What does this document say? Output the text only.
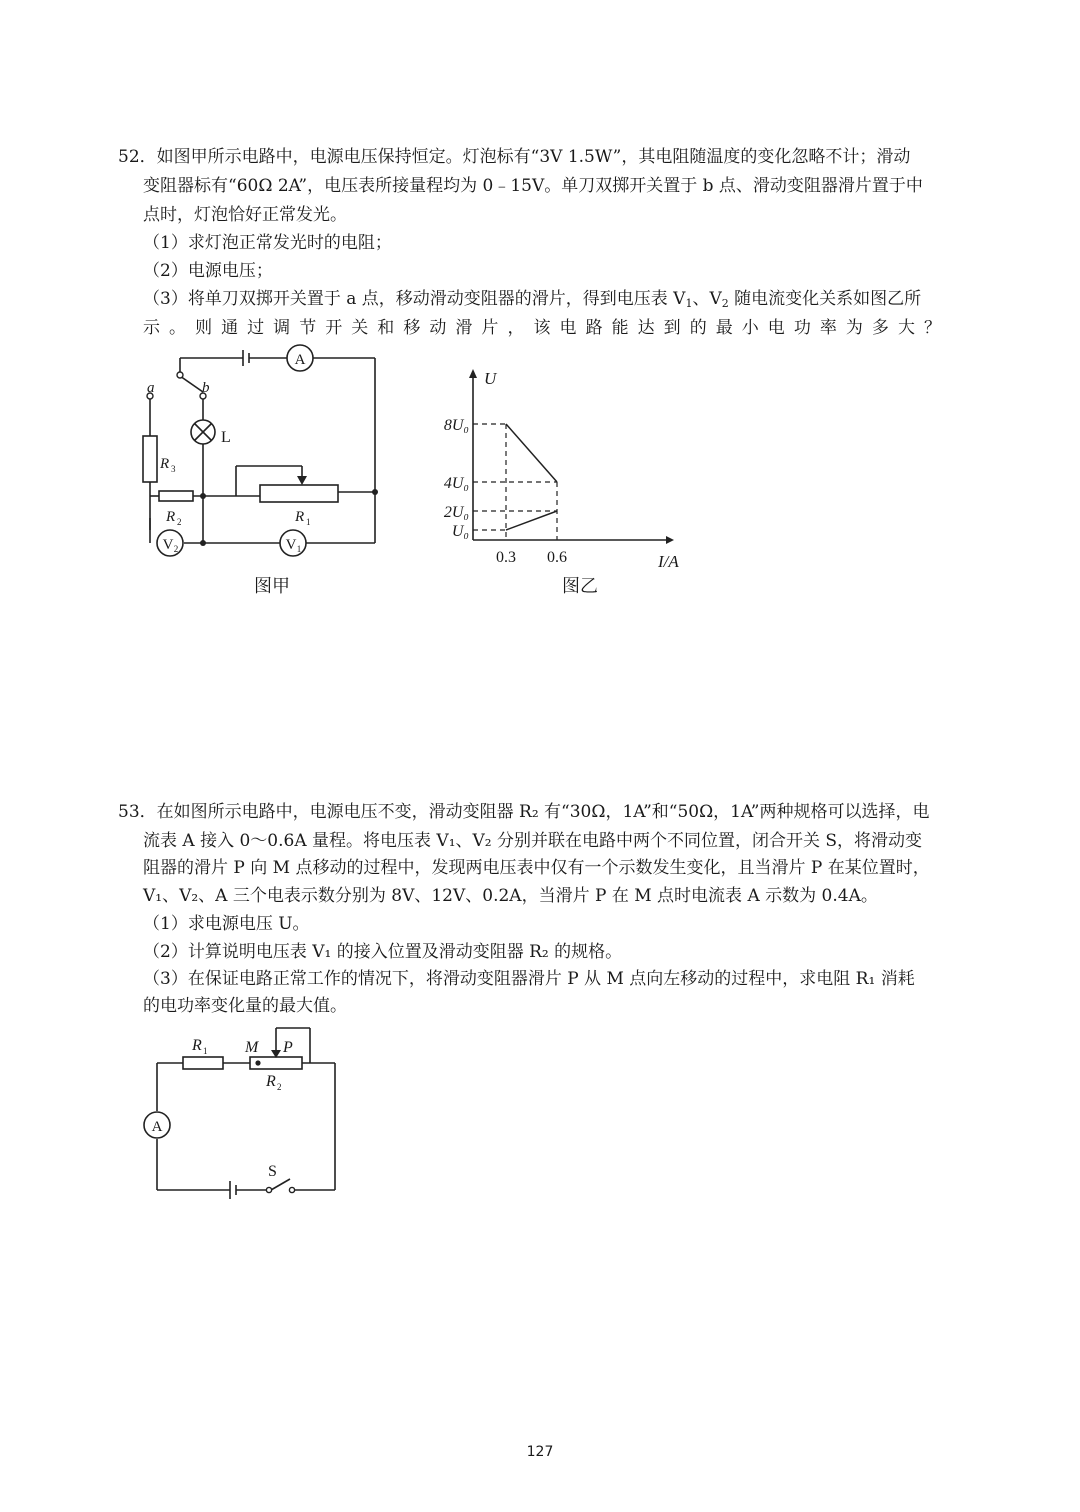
52．如图甲所示电路中，电源电压保持恒定。灯泡标有“3V 1.5W”，其电阻随温度的变化忽略不计；滑动
变阻器标有“60Ω 2A”，电压表所接量程均为 0﹣15V。单刀双掷开关置于 b 点、滑动变阻器滑片置于中
点时，灯泡恰好正常发光。
（1）求灯泡正常发光时的电阻；
（2）电源电压；
（3）将单刀双掷开关置于 a 点，移动滑动变阻器的滑片，得到电压表 $V_1$、$V_2$ 随电流变化关系如图乙所
示。则通过调节开关和移动滑片，该电路能达到的最小电功率为多大？
A
V 2	V 1
a	b
L
R 3
R 2	R 1
图甲
U
I/A
U₀
2U₀
4U₀
8U₀
0.3 0.6
图乙
53．在如图所示电路中，电源电压不变，滑动变阻器 R₂ 有“30Ω，1A”和“50Ω，1A”两种规格可以选择，电
流表 A 接入 0～0.6A 量程。将电压表 V₁、V₂ 分别并联在电路中两个不同位置，闭合开关 S，将滑动变
阻器的滑片 P 向 M 点移动的过程中，发现两电压表中仅有一个示数发生变化，且当滑片 P 在某位置时，
V₁、V₂、A 三个电表示数分别为 8V、12V、0.2A，当滑片 P 在 M 点时电流表 A 示数为 0.4A。
（1）求电源电压 U。
（2）计算说明电压表 V₁ 的接入位置及滑动变阻器 R₂ 的规格。
（3）在保证电路正常工作的情况下，将滑动变阻器滑片 P 从 M 点向左移动的过程中，求电阻 R₁ 消耗
的电功率变化量的最大值。
A
R 1 M P
R 2
S
127
